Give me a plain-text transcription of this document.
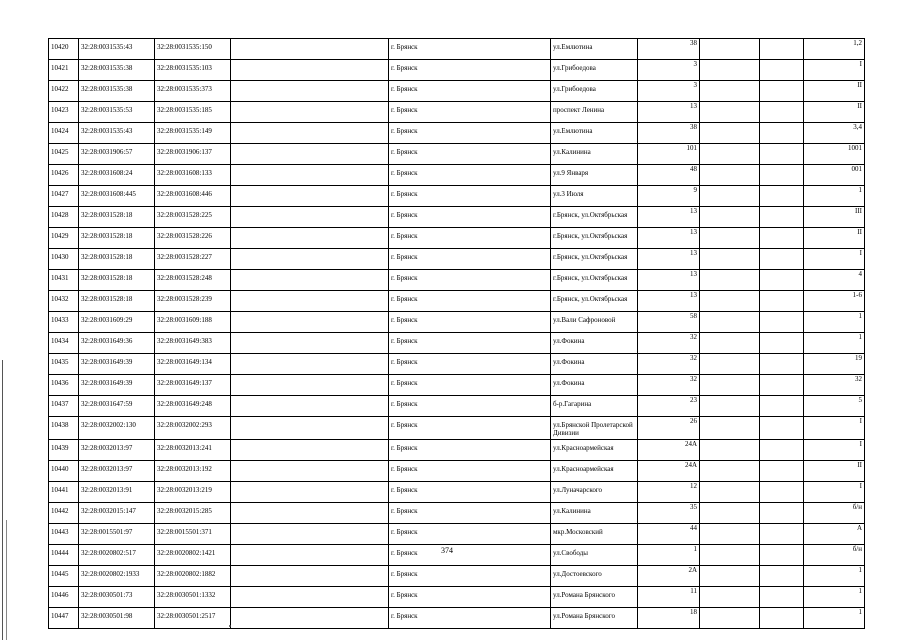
10420	32:28:0031535:43	32:28:0031535:150		г. Брянск	ул.Емлютина	38			1,2
10421	32:28:0031535:38	32:28:0031535:103		г. Брянск	ул.Грибоедова	3			I
10422	32:28:0031535:38	32:28:0031535:373		г. Брянск	ул.Грибоедова	3			II
10423	32:28:0031535:53	32:28:0031535:185		г. Брянск	проспект Ленина	13			II
10424	32:28:0031535:43	32:28:0031535:149		г. Брянск	ул.Емлютина	38			3,4
10425	32:28:0031906:57	32:28:0031906:137		г. Брянск	ул.Калинина	101			1001
10426	32:28:0031608:24	32:28:0031608:133		г. Брянск	ул.9 Января	48			001
10427	32:28:0031608:445	32:28:0031608:446		г. Брянск	ул.3 Июля	9			1
10428	32:28:0031528:18	32:28:0031528:225		г. Брянск	г.Брянск, ул.Октябрьская	13			III
10429	32:28:0031528:18	32:28:0031528:226		г. Брянск	г.Брянск, ул.Октябрьская	13			II
10430	32:28:0031528:18	32:28:0031528:227		г. Брянск	г.Брянск, ул.Октябрьская	13			I
10431	32:28:0031528:18	32:28:0031528:248		г. Брянск	г.Брянск, ул.Октябрьская	13			4
10432	32:28:0031528:18	32:28:0031528:239		г. Брянск	г.Брянск, ул.Октябрьская	13			1-6
10433	32:28:0031609:29	32:28:0031609:188		г. Брянск	ул.Вали Сафроновой	58			1
10434	32:28:0031649:36	32:28:0031649:383		г. Брянск	ул.Фокина	32			1
10435	32:28:0031649:39	32:28:0031649:134		г. Брянск	ул.Фокина	32			19
10436	32:28:0031649:39	32:28:0031649:137		г. Брянск	ул.Фокина	32			32
10437	32:28:0031647:59	32:28:0031649:248		г. Брянск	б-р.Гагарина	23			5
10438	32:28:0032002:130	32:28:0032002:293		г. Брянск	ул.Брянской Пролетарской Дивизии	26			I
10439	32:28:0032013:97	32:28:0032013:241		г. Брянск	ул.Красноармейская	24А			I
10440	32:28:0032013:97	32:28:0032013:192		г. Брянск	ул.Красноармейская	24А			II
10441	32:28:0032013:91	32:28:0032013:219		г. Брянск	ул.Луначарского	12			I
10442	32:28:0032015:147	32:28:0032015:285		г. Брянск	ул.Калинина	35			б/н
10443	32:28:0015501:97	32:28:0015501:371		г. Брянск	мкр.Московский	44			А
10444	32:28:0020802:517	32:28:0020802:1421		г. Брянск	ул.Свободы	1			б/н
10445	32:28:0020802:1933	32:28:0020802:1882		г. Брянск	ул.Достоевского	2А			1
10446	32:28:0030501:73	32:28:0030501:1332		г. Брянск	ул.Романа Брянского	11			1
10447	32:28:0030501:98	32:28:0030501:2517		г. Брянск	ул.Романа Брянского	18			1
374
